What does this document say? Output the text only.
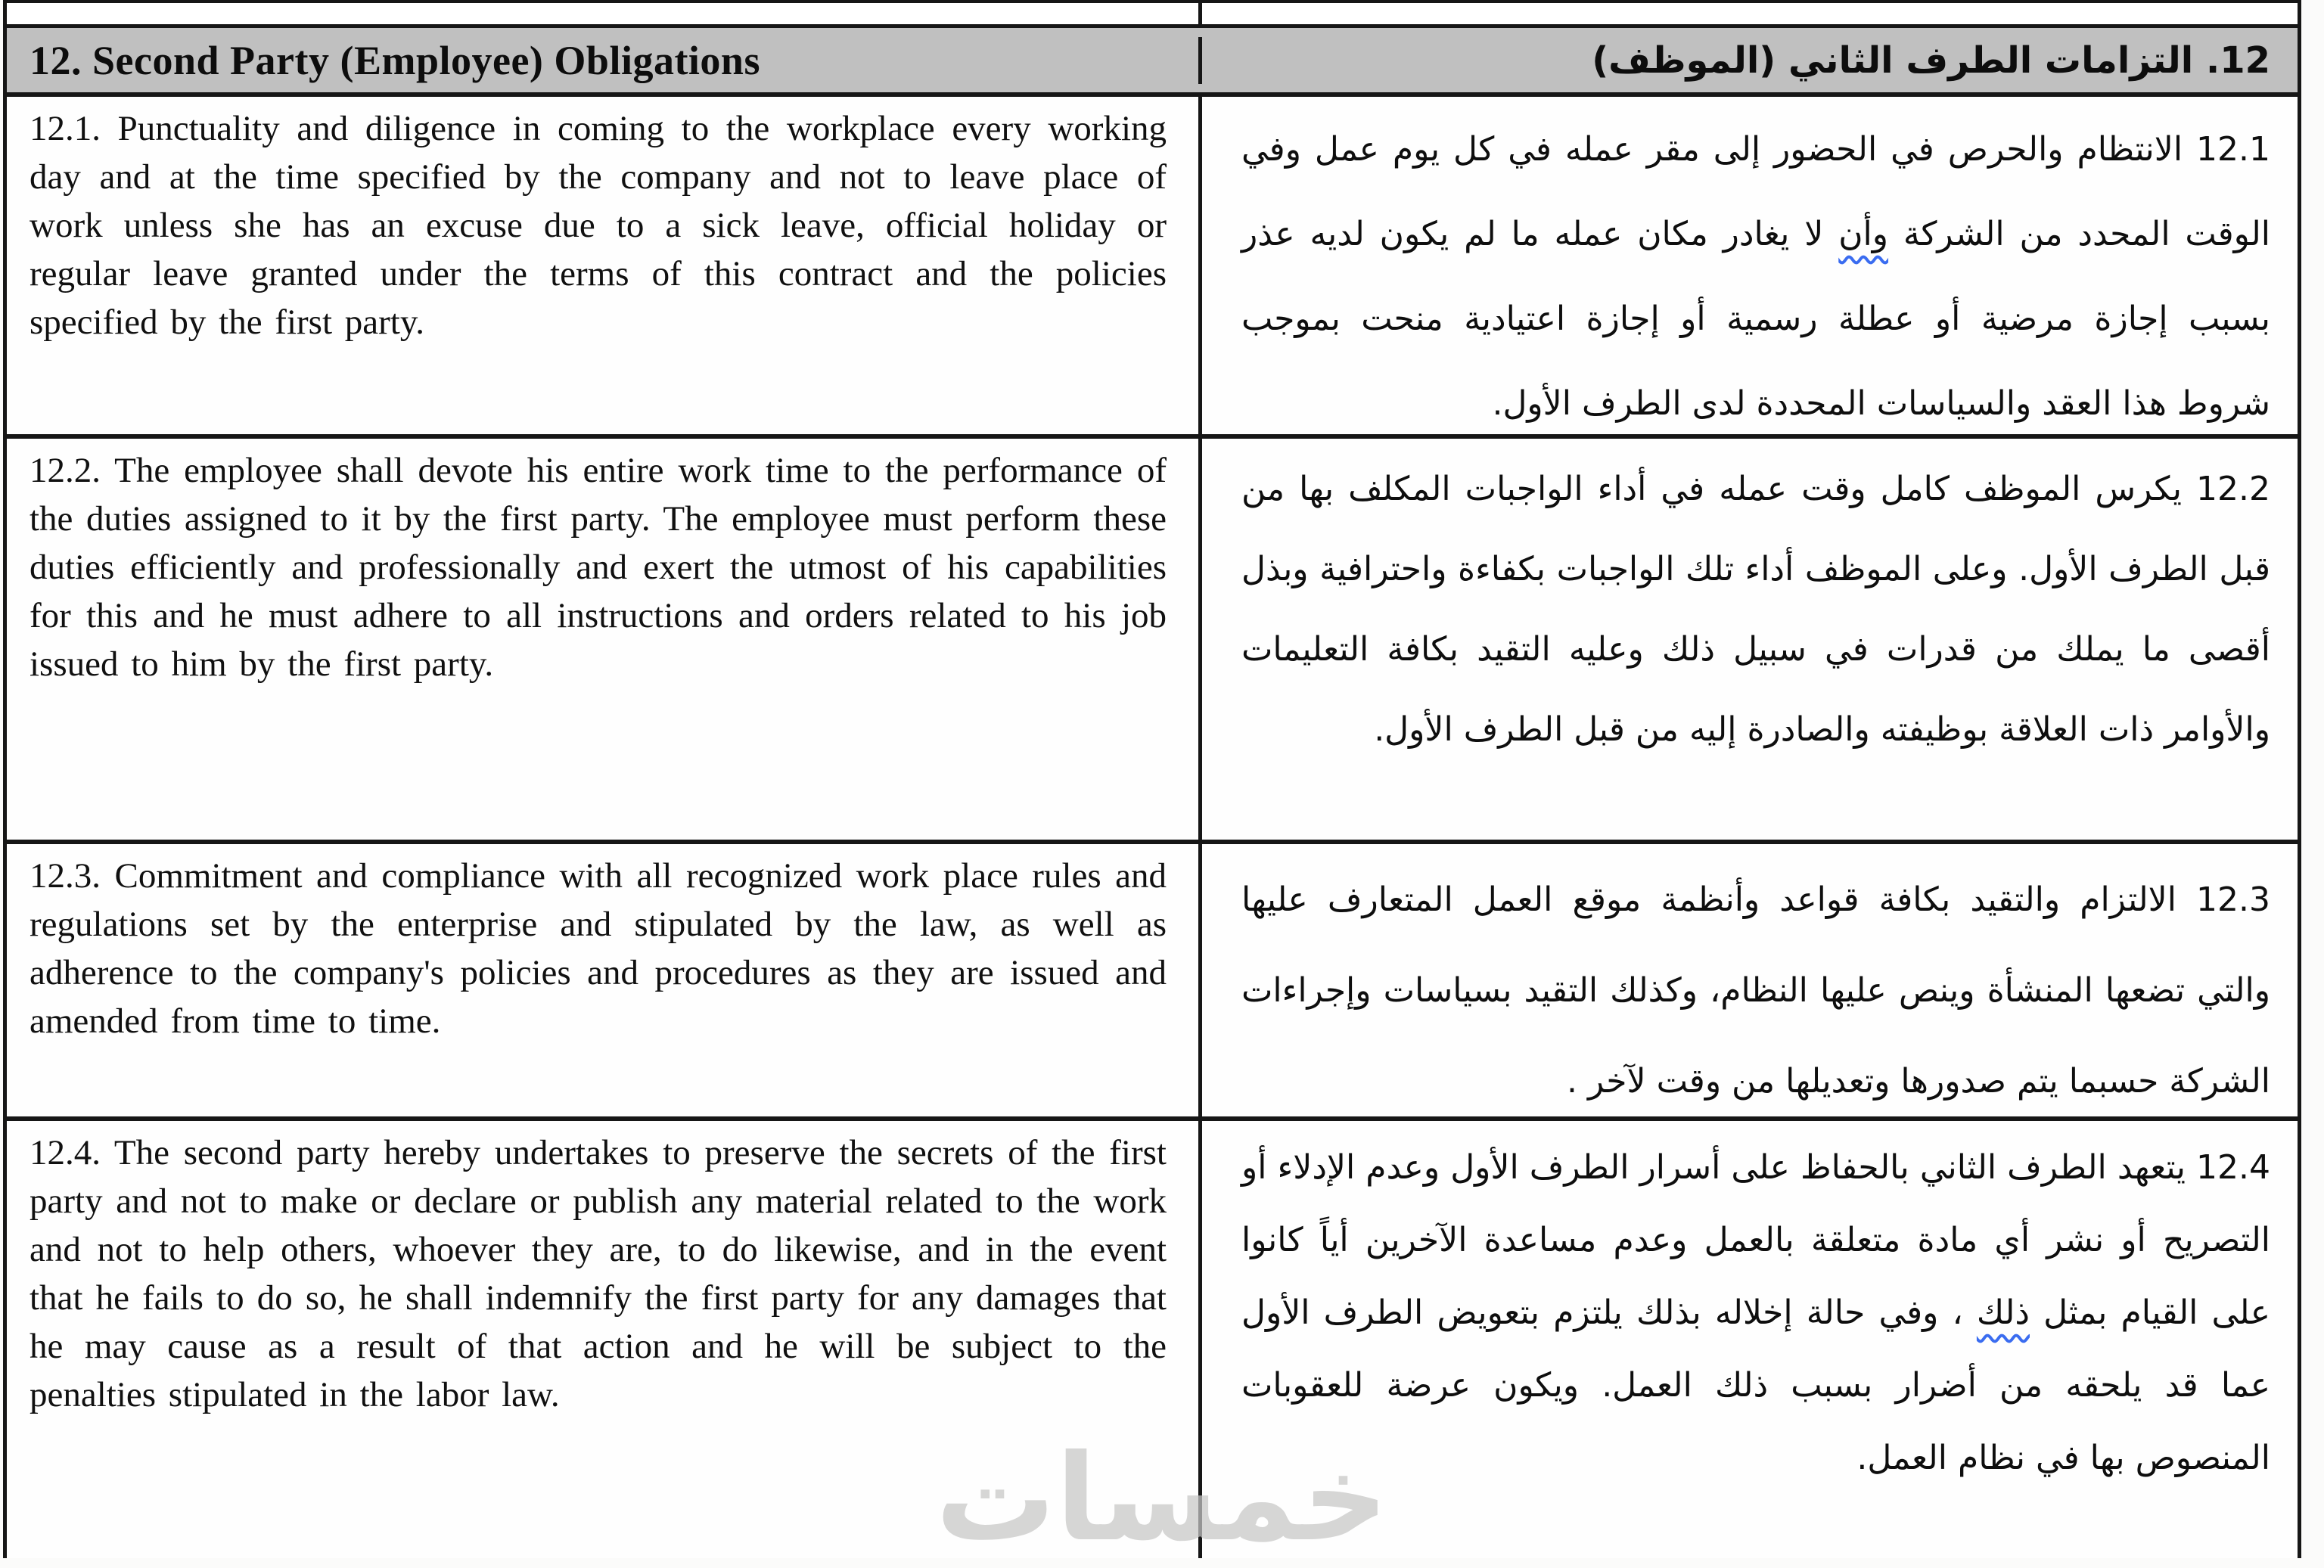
12. Second Party (Employee) Obligations	12. التزامات الطرف الثاني (الموظف)

12.1. Punctuality and diligence in coming to the workplace every working day and at the time specified by the company and not to leave place of work unless she has an excuse due to a sick leave, official holiday or regular leave granted under the terms of this contract and the policies specified by the first party.

12.1 الانتظام والحرص في الحضور إلى مقر عمله في كل يوم عمل وفي الوقت المحدد من الشركة وأن لا يغادر مكان عمله ما لم يكون لديه عذر بسبب إجازة مرضية أو عطلة رسمية أو إجازة اعتيادية منحت بموجب شروط هذا العقد والسياسات المحددة لدى الطرف الأول.

12.2. The employee shall devote his entire work time to the performance of the duties assigned to it by the first party. The employee must perform these duties efficiently and professionally and exert the utmost of his capabilities for this and he must adhere to all instructions and orders related to his job issued to him by the first party.

12.2 يكرس الموظف كامل وقت عمله في أداء الواجبات المكلف بها من قبل الطرف الأول. وعلى الموظف أداء تلك الواجبات بكفاءة واحترافية وبذل أقصى ما يملك من قدرات في سبيل ذلك وعليه التقيد بكافة التعليمات والأوامر ذات العلاقة بوظيفته والصادرة إليه من قبل الطرف الأول.

12.3. Commitment and compliance with all recognized work place rules and regulations set by the enterprise and stipulated by the law, as well as adherence to the company's policies and procedures as they are issued and amended from time to time.

12.3 الالتزام والتقيد بكافة قواعد وأنظمة موقع العمل المتعارف عليها والتي تضعها المنشأة وينص عليها النظام، وكذلك التقيد بسياسات وإجراءات الشركة حسبما يتم صدورها وتعديلها من وقت لآخر .

12.4. The second party hereby undertakes to preserve the secrets of the first party and not to make or declare or publish any material related to the work and not to help others, whoever they are, to do likewise, and in the event that he fails to do so, he shall indemnify the first party for any damages that he may cause as a result of that action and he will be subject to the penalties stipulated in the labor law.

12.4 يتعهد الطرف الثاني بالحفاظ على أسرار الطرف الأول وعدم الإدلاء أو التصريح أو نشر أي مادة متعلقة بالعمل وعدم مساعدة الآخرين أياً كانوا على القيام بمثل ذلك ، وفي حالة إخلاله بذلك يلتزم بتعويض الطرف الأول عما قد يلحقه من أضرار بسبب ذلك العمل. ويكون عرضة للعقوبات المنصوص بها في نظام العمل.

خمسات
